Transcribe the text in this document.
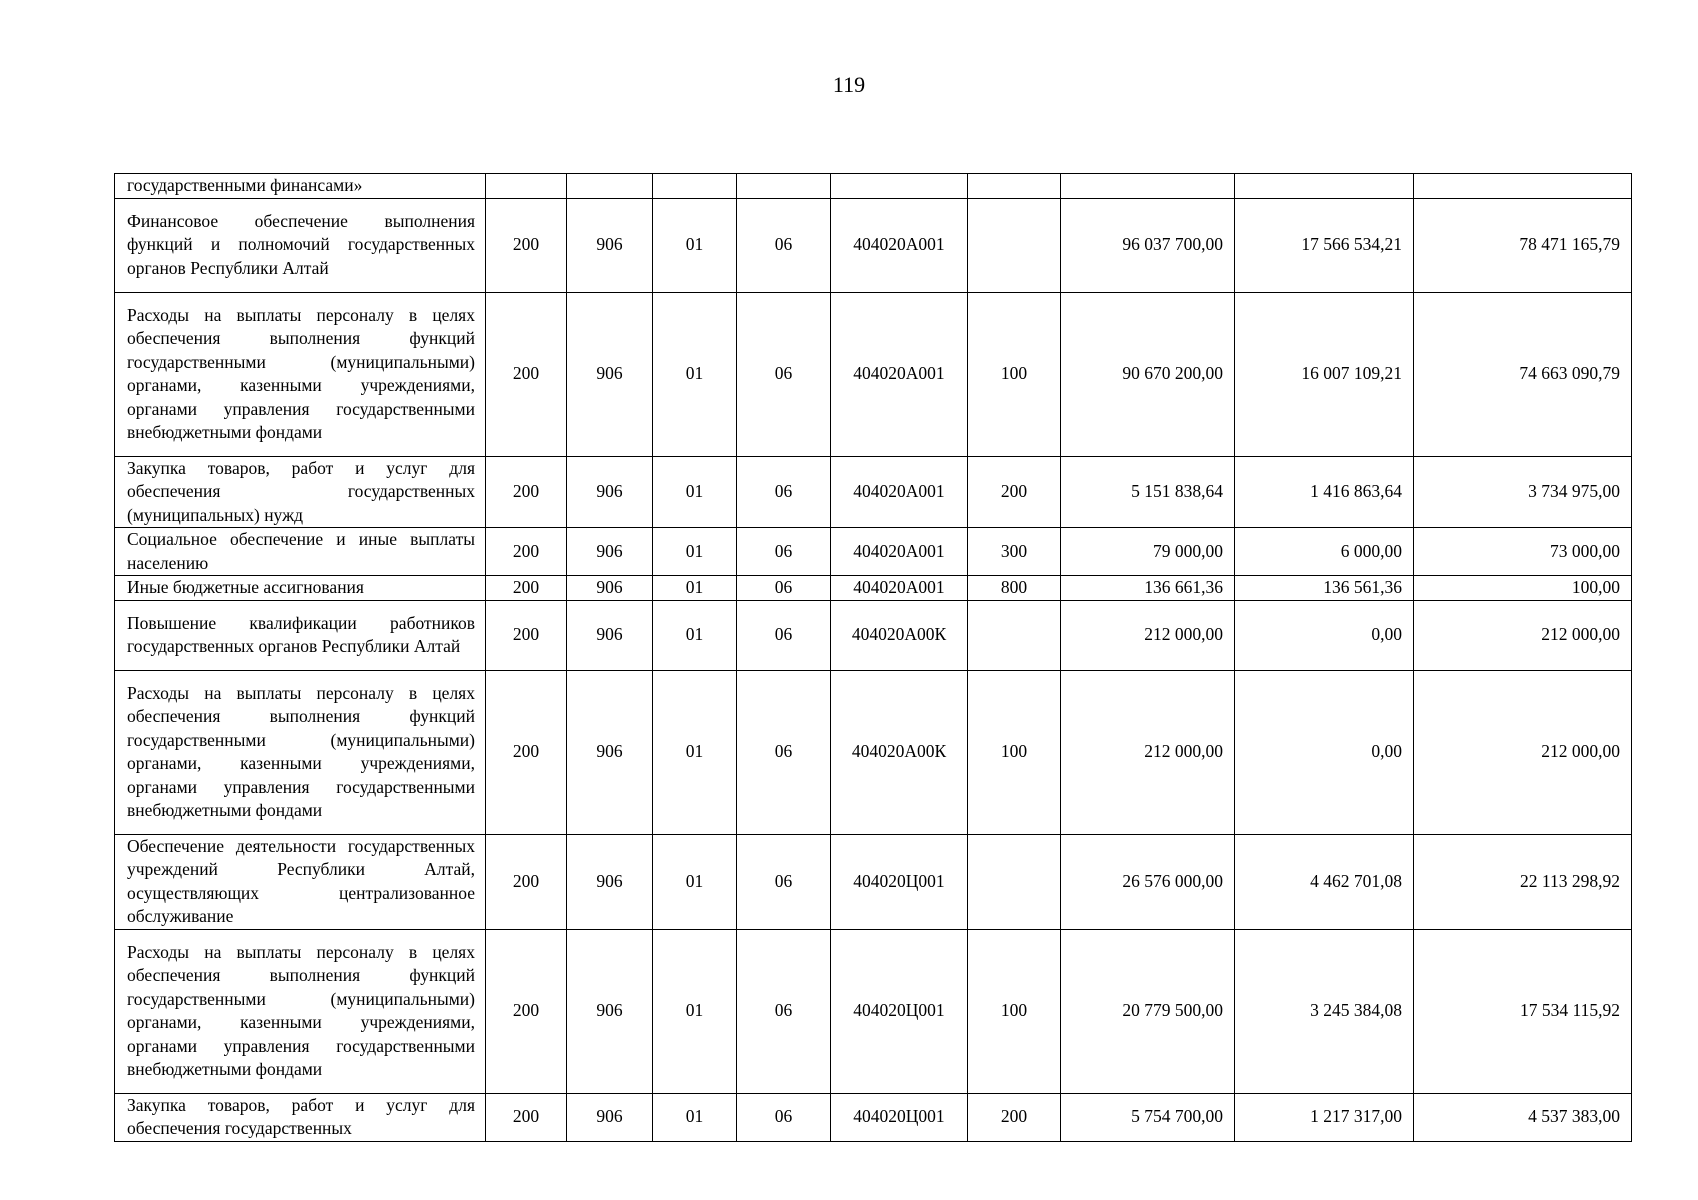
119
государственными финансами»									
Финансовое обеспечение выполнения функций и полномочий государственных органов Республики Алтай	200	906	01	06	404020А001		96 037 700,00	17 566 534,21	78 471 165,79
Расходы на выплаты персоналу в целях обеспечения выполнения функций государственными (муниципальными) органами, казенными учреждениями, органами управления государственными внебюджетными фондами	200	906	01	06	404020А001	100	90 670 200,00	16 007 109,21	74 663 090,79
Закупка товаров, работ и услуг для обеспечения государственных (муниципальных) нужд	200	906	01	06	404020А001	200	5 151 838,64	1 416 863,64	3 734 975,00
Социальное обеспечение и иные выплаты населению	200	906	01	06	404020А001	300	79 000,00	6 000,00	73 000,00
Иные бюджетные ассигнования	200	906	01	06	404020А001	800	136 661,36	136 561,36	100,00
Повышение квалификации работников государственных органов Республики Алтай	200	906	01	06	404020А00К		212 000,00	0,00	212 000,00
Расходы на выплаты персоналу в целях обеспечения выполнения функций государственными (муниципальными) органами, казенными учреждениями, органами управления государственными внебюджетными фондами	200	906	01	06	404020А00К	100	212 000,00	0,00	212 000,00
Обеспечение деятельности государственных учреждений Республики Алтай, осуществляющих централизованное обслуживание	200	906	01	06	404020Ц001		26 576 000,00	4 462 701,08	22 113 298,92
Расходы на выплаты персоналу в целях обеспечения выполнения функций государственными (муниципальными) органами, казенными учреждениями, органами управления государственными внебюджетными фондами	200	906	01	06	404020Ц001	100	20 779 500,00	3 245 384,08	17 534 115,92
Закупка товаров, работ и услуг для обеспечения государственных	200	906	01	06	404020Ц001	200	5 754 700,00	1 217 317,00	4 537 383,00
